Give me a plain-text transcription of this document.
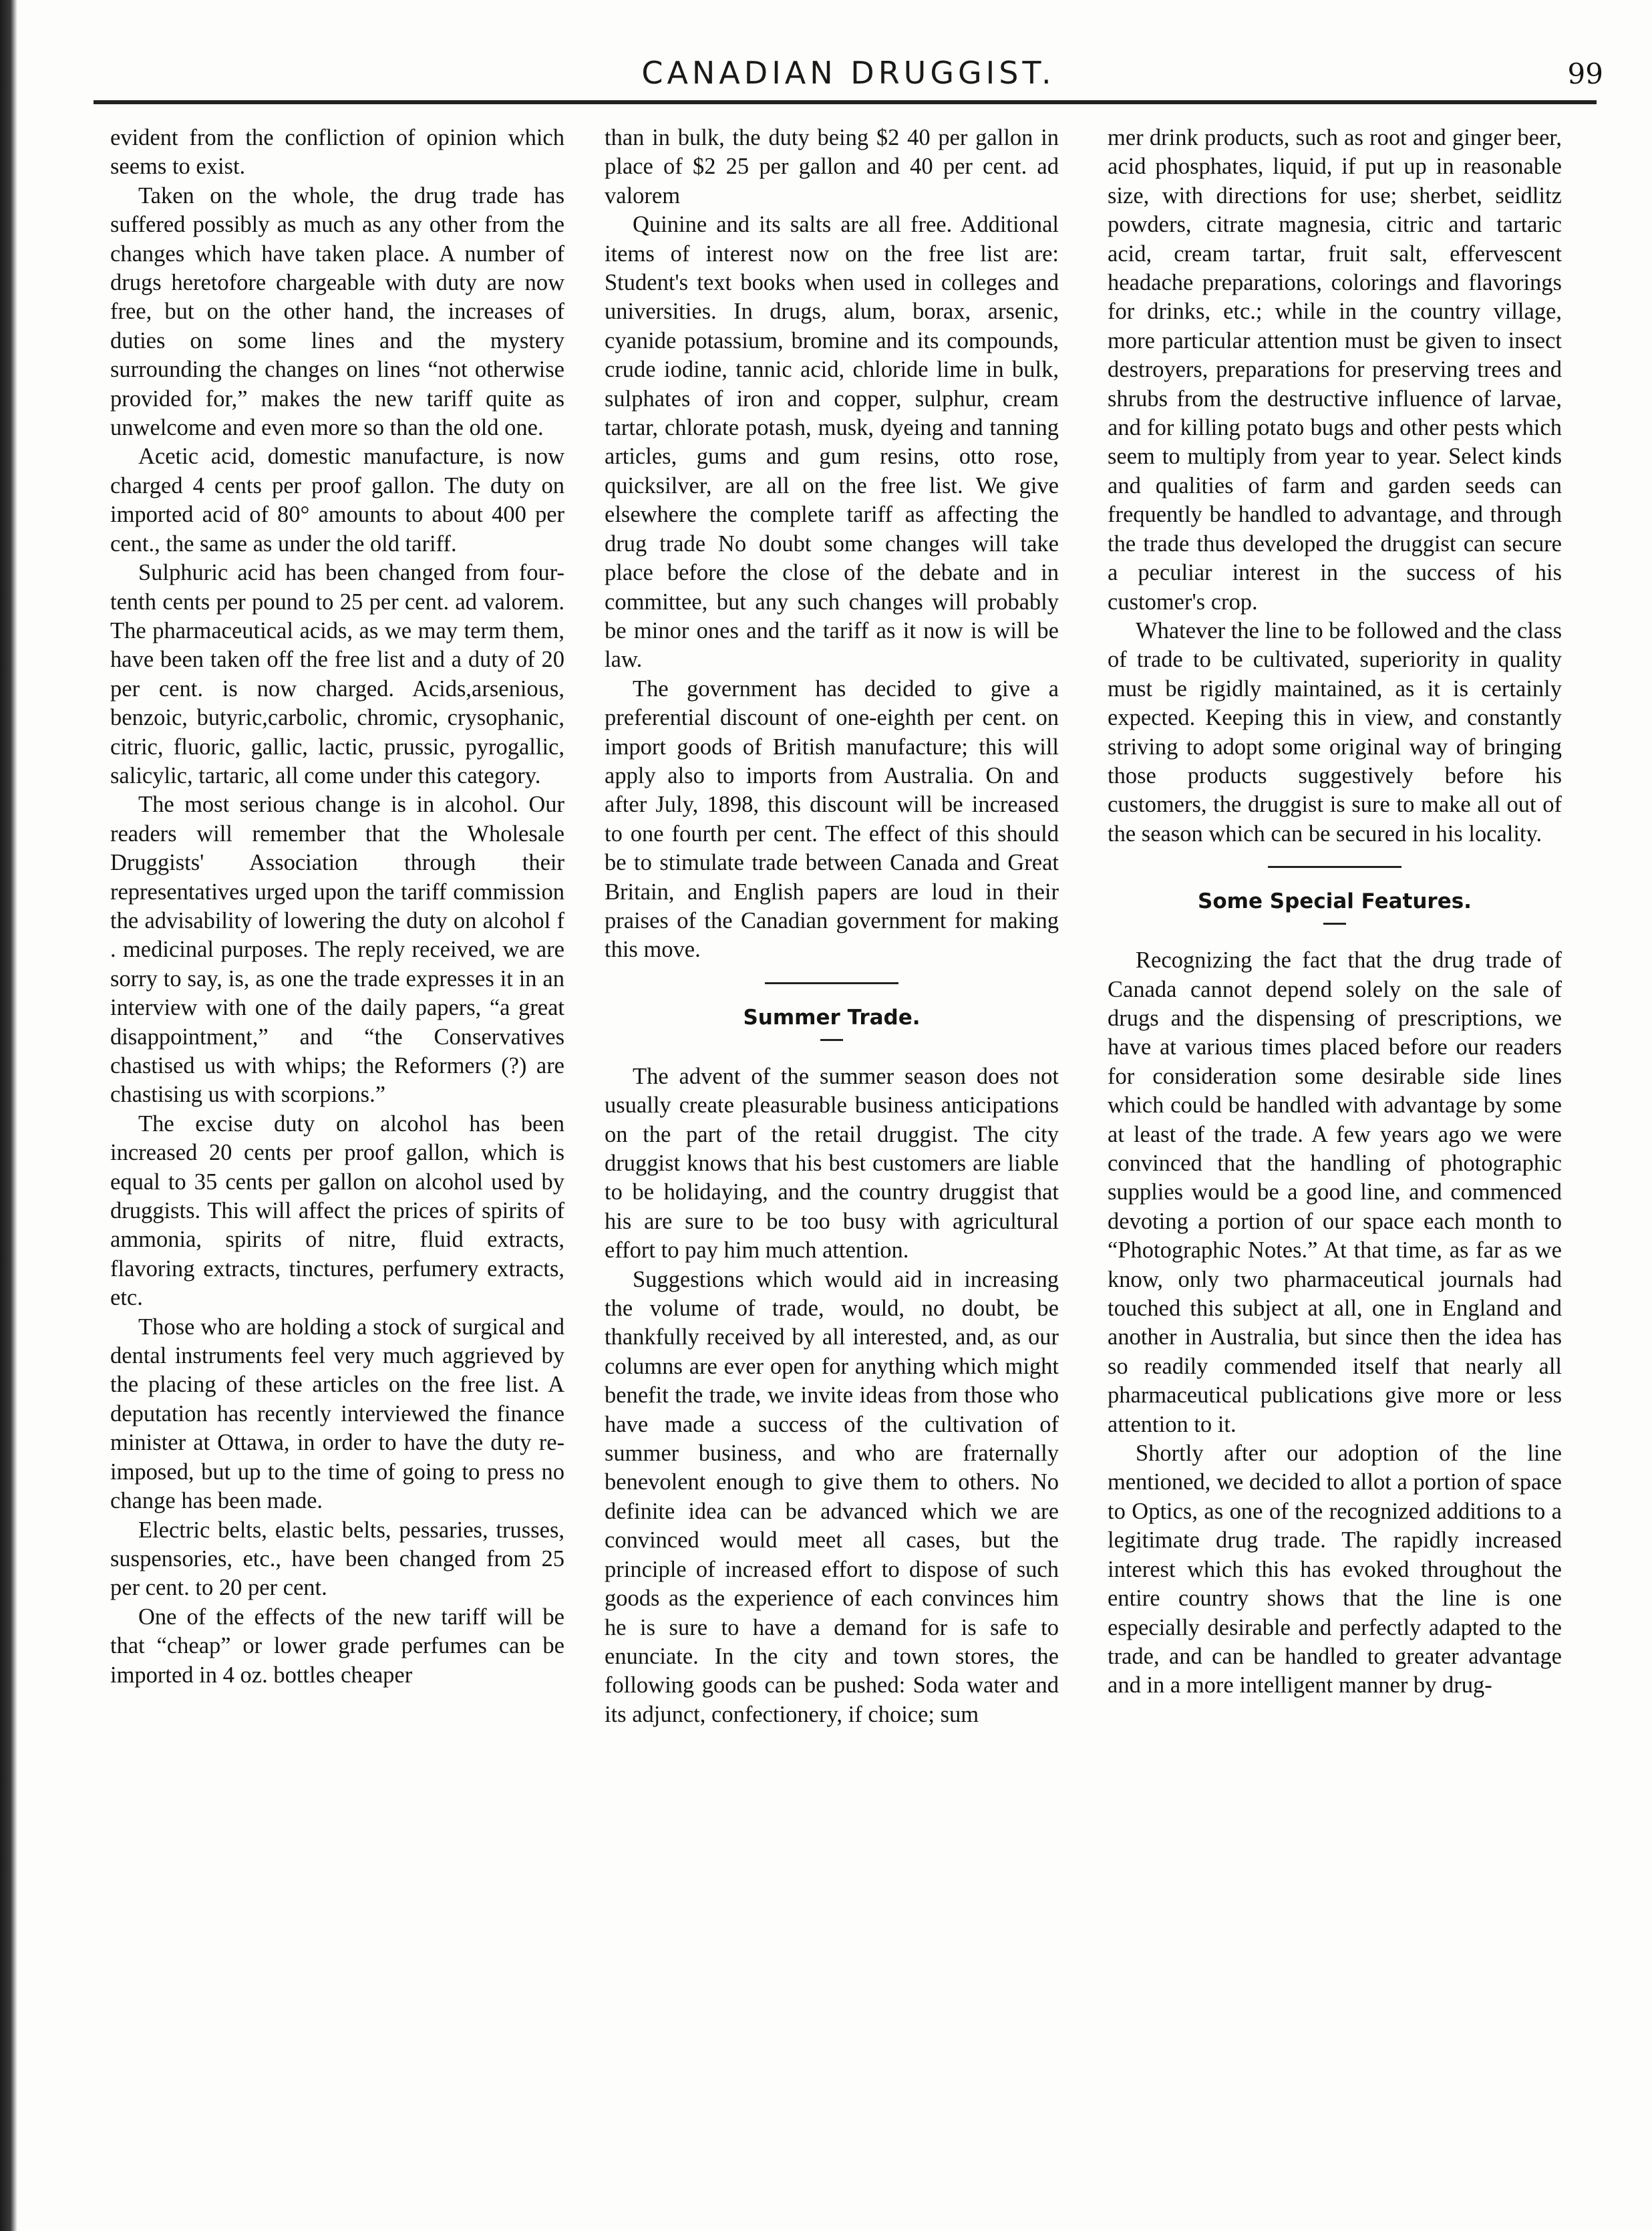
CANADIAN DRUGGIST.	99

evident from the confliction of opinion which seems to exist.

Taken on the whole, the drug trade has suffered possibly as much as any other from the changes which have taken place. A number of drugs heretofore chargeable with duty are now free, but on the other hand, the increases of duties on some lines and the mystery surrounding the changes on lines “not otherwise provided for,” makes the new tariff quite as unwelcome and even more so than the old one.

Acetic acid, domestic manufacture, is now charged 4 cents per proof gallon. The duty on imported acid of 80° amounts to about 400 per cent., the same as under the old tariff.

Sulphuric acid has been changed from four-tenth cents per pound to 25 per cent. ad valorem. The pharmaceutical acids, as we may term them, have been taken off the free list and a duty of 20 per cent. is now charged. Acids,arsenious, benzoic, butyric,carbolic, chromic, crysophanic, citric, fluoric, gallic, lactic, prussic, pyrogallic, salicylic, tartaric, all come under this category.

The most serious change is in alcohol. Our readers will remember that the Wholesale Druggists' Association through their representatives urged upon the tariff commission the advisability of lowering the duty on alcohol f . medicinal purposes. The reply received, we are sorry to say, is, as one the trade expresses it in an interview with one of the daily papers, “a great disappointment,” and “the Conservatives chastised us with whips; the Reformers (?) are chastising us with scorpions.”

The excise duty on alcohol has been increased 20 cents per proof gallon, which is equal to 35 cents per gallon on alcohol used by druggists. This will affect the prices of spirits of ammonia, spirits of nitre, fluid extracts, flavoring extracts, tinctures, perfumery extracts, etc.

Those who are holding a stock of surgical and dental instruments feel very much aggrieved by the placing of these articles on the free list. A deputation has recently interviewed the finance minister at Ottawa, in order to have the duty re-imposed, but up to the time of going to press no change has been made.

Electric belts, elastic belts, pessaries, trusses, suspensories, etc., have been changed from 25 per cent. to 20 per cent.

One of the effects of the new tariff will be that “cheap” or lower grade perfumes can be imported in 4 oz. bottles cheaper

than in bulk, the duty being $2 40 per gallon in place of $2 25 per gallon and 40 per cent. ad valorem

Quinine and its salts are all free. Additional items of interest now on the free list are: Student's text books when used in colleges and universities. In drugs, alum, borax, arsenic, cyanide potassium, bromine and its compounds, crude iodine, tannic acid, chloride lime in bulk, sulphates of iron and copper, sulphur, cream tartar, chlorate potash, musk, dyeing and tanning articles, gums and gum resins, otto rose, quicksilver, are all on the free list. We give elsewhere the complete tariff as affecting the drug trade No doubt some changes will take place before the close of the debate and in committee, but any such changes will probably be minor ones and the tariff as it now is will be law.

The government has decided to give a preferential discount of one-eighth per cent. on import goods of British manufacture; this will apply also to imports from Australia. On and after July, 1898, this discount will be increased to one fourth per cent. The effect of this should be to stimulate trade between Canada and Great Britain, and English papers are loud in their praises of the Canadian government for making this move.

Summer Trade.

The advent of the summer season does not usually create pleasurable business anticipations on the part of the retail druggist. The city druggist knows that his best customers are liable to be holidaying, and the country druggist that his are sure to be too busy with agricultural effort to pay him much attention.

Suggestions which would aid in increasing the volume of trade, would, no doubt, be thankfully received by all interested, and, as our columns are ever open for anything which might benefit the trade, we invite ideas from those who have made a success of the cultivation of summer business, and who are fraternally benevolent enough to give them to others. No definite idea can be advanced which we are convinced would meet all cases, but the principle of increased effort to dispose of such goods as the experience of each convinces him he is sure to have a demand for is safe to enunciate. In the city and town stores, the following goods can be pushed: Soda water and its adjunct, confectionery, if choice; sum

mer drink products, such as root and ginger beer, acid phosphates, liquid, if put up in reasonable size, with directions for use; sherbet, seidlitz powders, citrate magnesia, citric and tartaric acid, cream tartar, fruit salt, effervescent headache preparations, colorings and flavorings for drinks, etc.; while in the country village, more particular attention must be given to insect destroyers, preparations for preserving trees and shrubs from the destructive influence of larvae, and for killing potato bugs and other pests which seem to multiply from year to year. Select kinds and qualities of farm and garden seeds can frequently be handled to advantage, and through the trade thus developed the druggist can secure a peculiar interest in the success of his customer's crop.

Whatever the line to be followed and the class of trade to be cultivated, superiority in quality must be rigidly maintained, as it is certainly expected. Keeping this in view, and constantly striving to adopt some original way of bringing those products suggestively before his customers, the druggist is sure to make all out of the season which can be secured in his locality.

Some Special Features.

Recognizing the fact that the drug trade of Canada cannot depend solely on the sale of drugs and the dispensing of prescriptions, we have at various times placed before our readers for consideration some desirable side lines which could be handled with advantage by some at least of the trade. A few years ago we were convinced that the handling of photographic supplies would be a good line, and commenced devoting a portion of our space each month to “Photographic Notes.” At that time, as far as we know, only two pharmaceutical journals had touched this subject at all, one in England and another in Australia, but since then the idea has so readily commended itself that nearly all pharmaceutical publications give more or less attention to it.

Shortly after our adoption of the line mentioned, we decided to allot a portion of space to Optics, as one of the recognized additions to a legitimate drug trade. The rapidly increased interest which this has evoked throughout the entire country shows that the line is one especially desirable and perfectly adapted to the trade, and can be handled to greater advantage and in a more intelligent manner by drug-
